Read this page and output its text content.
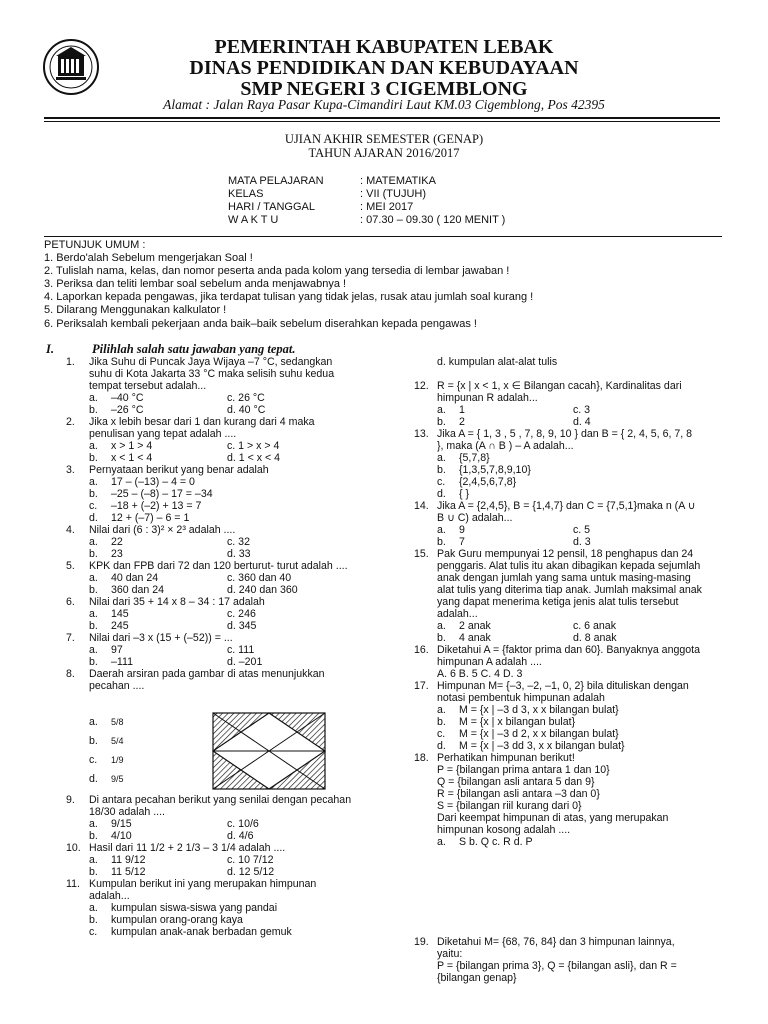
PEMERINTAH KABUPATEN LEBAK
DINAS PENDIDIKAN DAN KEBUDAYAAN
SMP NEGERI 3 CIGEMBLONG
Alamat : Jalan Raya Pasar Kupa-Cimandiri Laut KM.03 Cigemblong, Pos 42395
UJIAN AKHIR SEMESTER (GENAP)
TAHUN AJARAN 2016/2017
MATA PELAJARAN	: MATEMATIKA
KELAS	: VII (TUJUH)
HARI / TANGGAL	: MEI 2017
W A K T U	: 07.30 – 09.30 ( 120 MENIT )
PETUNJUK UMUM :
1. Berdo'alah Sebelum mengerjakan Soal !
2. Tulislah nama, kelas, dan nomor peserta anda pada kolom yang tersedia di lembar jawaban !
3. Periksa dan teliti lembar soal sebelum anda menjawabnya !
4. Laporkan kepada pengawas, jika terdapat tulisan yang tidak jelas, rusak atau jumlah soal kurang !
5. Dilarang Menggunakan kalkulator !
6. Periksalah kembali pekerjaan anda baik–baik sebelum diserahkan kepada pengawas !
I.	Pilihlah salah satu jawaban yang tepat.
1. Jika Suhu di Puncak Jaya Wijaya –7 °C, sedangkan
suhu di Kota Jakarta 33 °C maka selisih suhu kedua
tempat tersebut adalah...
a. –40 °C	c. 26 °C
b. –26 °C	d. 40 °C
2. Jika x lebih besar dari 1 dan kurang dari 4 maka
penulisan yang tepat adalah ....
a. x > 1 > 4	c. 1 > x > 4
b. x < 1 < 4	d. 1 < x < 4
3. Pernyataan berikut yang benar adalah
a. 17 – (–13) – 4 = 0
b. –25 – (–8) – 17 = –34
c. –18 + (–2) + 13 = 7
d. 12 + (–7) – 6 = 1
4. Nilai dari (6 : 3)² × 2³ adalah ....
a. 22	c. 32
b. 23	d. 33
5. KPK dan FPB dari 72 dan 120 berturut- turut adalah ....
a. 40 dan 24	c. 360 dan 40
b. 360 dan 24	d. 240 dan 360
6. Nilai dari 35 + 14 x 8 – 34 : 17 adalah
a. 145	c. 246
b. 245	d. 345
7. Nilai dari –3 x (15 + (–52)) = ...
a. 97	c. 111
b. –111	d. –201
8. Daerah arsiran pada gambar di atas menunjukkan
pecahan ....
a. 5/8
b. 5/4
c. 1/9
d. 9/5
9. Di antara pecahan berikut yang senilai dengan pecahan
18/30 adalah ....
a. 9/15	c. 10/6
b. 4/10	d. 4/6
10. Hasil dari 11 1/2 + 2 1/3 – 3 1/4 adalah ....
a. 11 9/12	c. 10 7/12
b. 11 5/12	d. 12 5/12
11. Kumpulan berikut ini yang merupakan himpunan
adalah...
a. kumpulan siswa-siswa yang pandai
b. kumpulan orang-orang kaya
c. kumpulan anak-anak berbadan gemuk
d. kumpulan alat-alat tulis
12. R = {x | x < 1, x ∈ Bilangan cacah}, Kardinalitas dari
himpunan R adalah...
a. 1	c. 3
b. 2	d. 4
13. Jika A = { 1, 3 , 5 , 7, 8, 9, 10 } dan B = { 2, 4, 5, 6, 7, 8
}, maka (A ∩ B ) – A adalah...
a. {5,7,8}
b. {1,3,5,7,8,9,10}
c. {2,4,5,6,7,8}
d. { }
14. Jika A = {2,4,5}, B = {1,4,7} dan C = {7,5,1}maka n (A ∪
B ∪ C) adalah...
a. 9	c. 5
b. 7	d. 3
15. Pak Guru mempunyai 12 pensil, 18 penghapus dan 24
penggaris. Alat tulis itu akan dibagikan kepada sejumlah
anak dengan jumlah yang sama untuk masing-masing
alat tulis yang diterima tiap anak. Jumlah maksimal anak
yang dapat menerima ketiga jenis alat tulis tersebut
adalah...
a. 2 anak	c. 6 anak
b. 4 anak	d. 8 anak
16. Diketahui A = {faktor prima dan 60}. Banyaknya anggota
himpunan A adalah ....
A. 6 B. 5 C. 4 D. 3
17. Himpunan M= {–3, –2, –1, 0, 2} bila dituliskan dengan
notasi pembentuk himpunan adalah
a. M = {x | –3 d 3, x x bilangan bulat}
b. M = {x | x bilangan bulat}
c. M = {x | –3 d 2, x x bilangan bulat}
d. M = {x | –3 dd 3, x x bilangan bulat}
18. Perhatikan himpunan berikut!
P = {bilangan prima antara 1 dan 10}
Q = {bilangan asli antara 5 dan 9}
R = {bilangan asli antara –3 dan 0}
S = {bilangan riil kurang dari 0}
Dari keempat himpunan di atas, yang merupakan
himpunan kosong adalah ....
a. S b. Q c. R d. P
19. Diketahui M= {68, 76, 84} dan 3 himpunan lainnya,
yaitu:
P = {bilangan prima 3}, Q = {bilangan asli}, dan R =
{bilangan genap}
